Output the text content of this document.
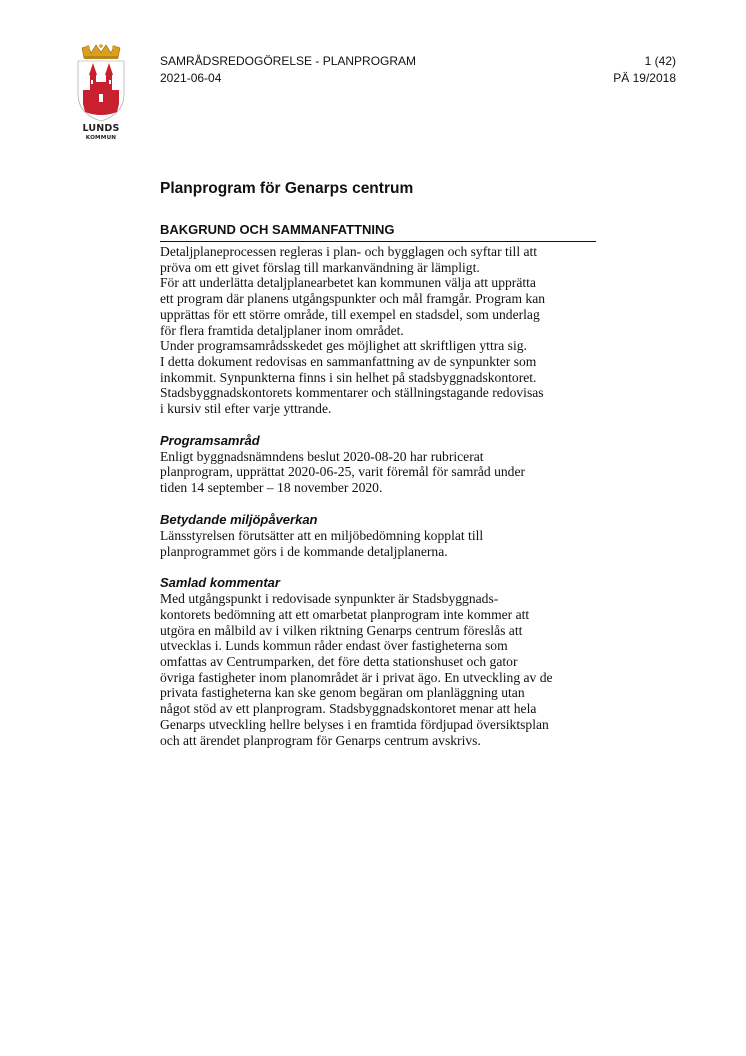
LUNDS
KOMMUN
SAMRÅDSREDOGÖRELSE - PLANPROGRAM
2021-06-04
1 (42)
PÄ 19/2018
Planprogram för Genarps centrum
BAKGRUND OCH SAMMANFATTNING

Detaljplaneprocessen regleras i plan- och bygglagen och syftar till att

pröva om ett givet förslag till markanvändning är lämpligt.

För att underlätta detaljplanearbetet kan kommunen välja att upprätta

ett program där planens utgångspunkter och mål framgår. Program kan

upprättas för ett större område, till exempel en stadsdel, som underlag

för flera framtida detaljplaner inom området.

Under programsamrådsskedet ges möjlighet att skriftligen yttra sig.

I detta dokument redovisas en sammanfattning av de synpunkter som

inkommit. Synpunkterna finns i sin helhet på stadsbyggnadskontoret.

Stadsbyggnadskontorets kommentarer och ställningstagande redovisas

i kursiv stil efter varje yttrande.

Programsamråd

Enligt byggnadsnämndens beslut 2020-08-20 har rubricerat

planprogram, upprättat 2020-06-25, varit föremål för samråd under

tiden 14 september – 18 november 2020.

Betydande miljöpåverkan

Länsstyrelsen förutsätter att en miljöbedömning kopplat till

planprogrammet görs i de kommande detaljplanerna.

Samlad kommentar

Med utgångspunkt i redovisade synpunkter är Stadsbyggnads-

kontorets bedömning att ett omarbetat planprogram inte kommer att

utgöra en målbild av i vilken riktning Genarps centrum föreslås att

utvecklas i. Lunds kommun råder endast över fastigheterna som

omfattas av Centrumparken, det före detta stationshuset och gator

övriga fastigheter inom planområdet är i privat ägo. En utveckling av de

privata fastigheterna kan ske genom begäran om planläggning utan

något stöd av ett planprogram. Stadsbyggnadskontoret menar att hela

Genarps utveckling hellre belyses i en framtida fördjupad översiktsplan

och att ärendet planprogram för Genarps centrum avskrivs.
